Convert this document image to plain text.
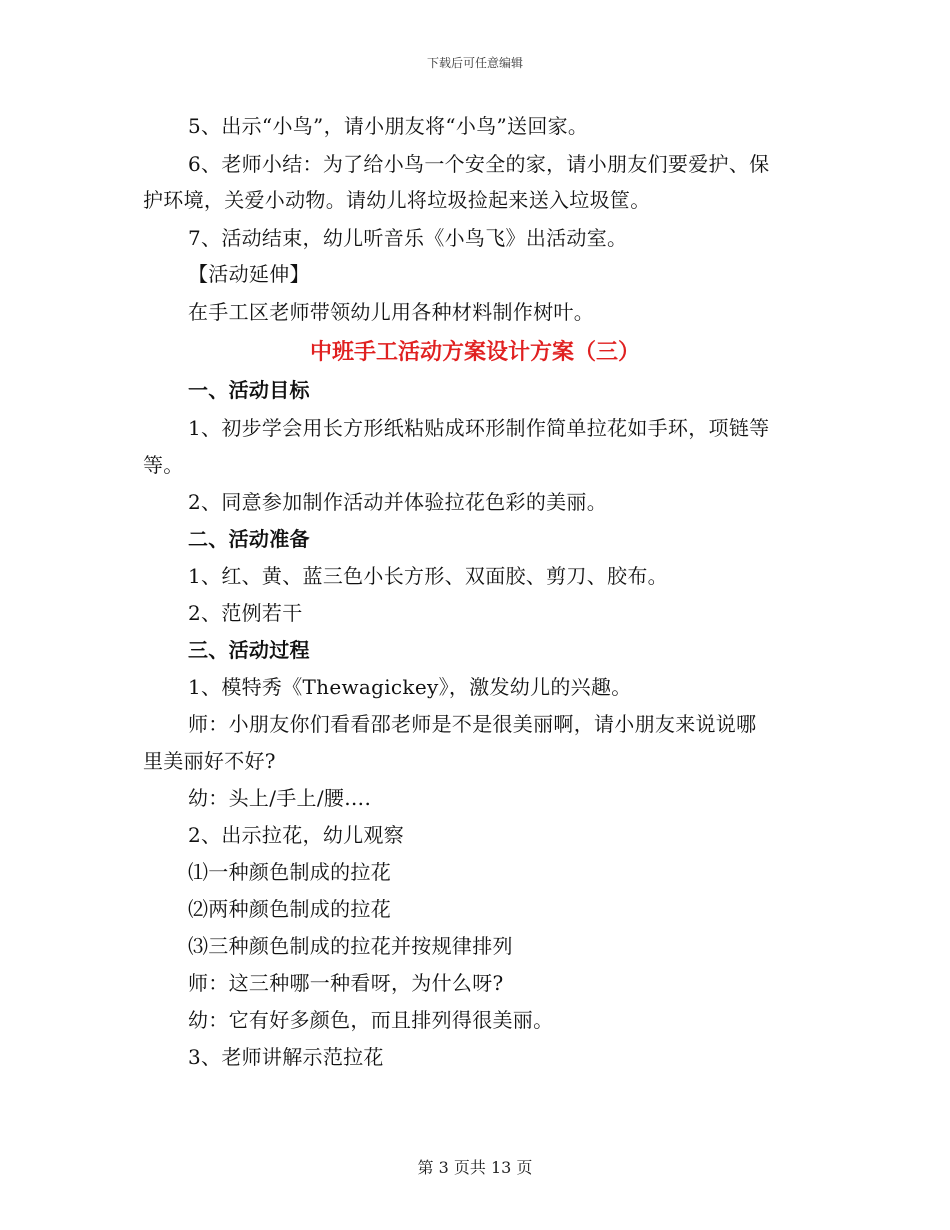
下载后可任意编辑
5、出示“小鸟”，请小朋友将“小鸟”送回家。
6、老师小结：为了给小鸟一个安全的家，请小朋友们要爱护、保
护环境，关爱小动物。请幼儿将垃圾捡起来送入垃圾筐。
7、活动结束，幼儿听音乐《小鸟飞》出活动室。
【活动延伸】
在手工区老师带领幼儿用各种材料制作树叶。
中班手工活动方案设计方案（三）
一、活动目标
1、初步学会用长方形纸粘贴成环形制作简单拉花如手环，项链等
等。
2、同意参加制作活动并体验拉花色彩的美丽。
二、活动准备
1、红、黄、蓝三色小长方形、双面胶、剪刀、胶布。
2、范例若干
三、活动过程
1、模特秀《Thewagickey》，激发幼儿的兴趣。
师：小朋友你们看看邵老师是不是很美丽啊，请小朋友来说说哪
里美丽好不好?
幼：头上/手上/腰….
2、出示拉花，幼儿观察
⑴一种颜色制成的拉花
⑵两种颜色制成的拉花
⑶三种颜色制成的拉花并按规律排列
师：这三种哪一种看呀，为什么呀?
幼：它有好多颜色，而且排列得很美丽。
3、老师讲解示范拉花
第 3 页共 13 页
